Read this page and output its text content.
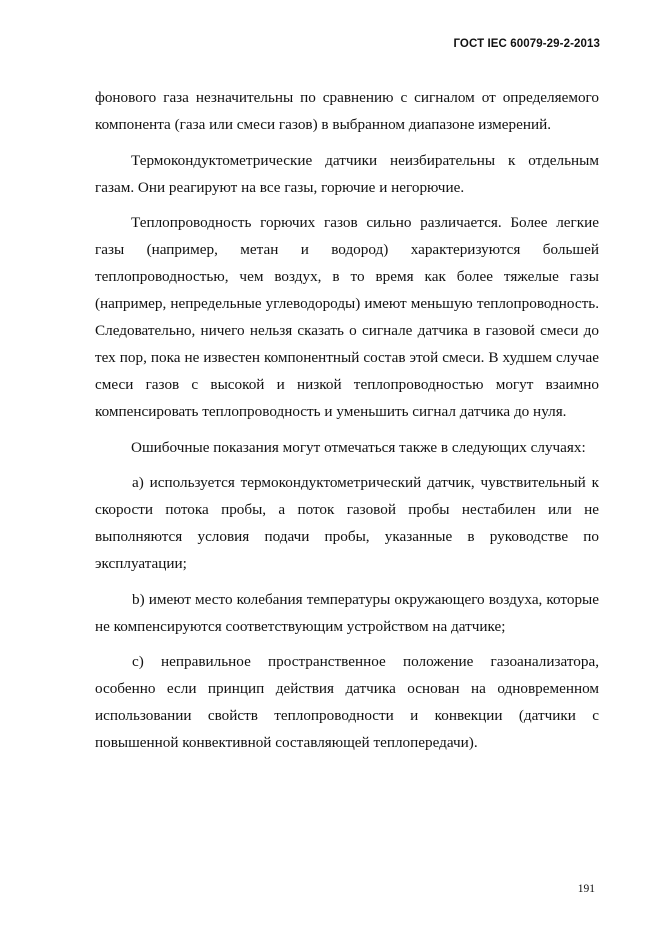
ГОСТ IEC 60079-29-2-2013

фонового газа незначительны по сравнению с сигналом от определяемого компонента (газа или смеси газов) в выбранном диапазоне измерений.

Термокондуктометрические датчики неизбирательны к отдельным газам. Они реагируют на все газы, горючие и негорючие.

Теплопроводность горючих газов сильно различается. Более легкие газы (например, метан и водород) характеризуются большей теплопроводностью, чем воздух, в то время как более тяжелые газы (например, непредельные углеводороды) имеют меньшую теплопроводность. Следовательно, ничего нельзя сказать о сигнале датчика в газовой смеси до тех пор, пока не известен компонентный состав этой смеси. В худшем случае смеси газов с высокой и низкой теплопроводностью могут взаимно компенсировать теплопроводность и уменьшить сигнал датчика до нуля.

Ошибочные показания могут отмечаться также в следующих случаях:

а) используется термокондуктометрический датчик, чувствительный к скорости потока пробы, а поток газовой пробы нестабилен или не выполняются условия подачи пробы, указанные в руководстве по эксплуатации;

b) имеют место колебания температуры окружающего воздуха, которые не компенсируются соответствующим устройством на датчике;

с) неправильное пространственное положение газоанализатора, особенно если принцип действия датчика основан на одновременном использовании свойств теплопроводности и конвекции (датчики с повышенной конвективной составляющей теплопередачи).

191
